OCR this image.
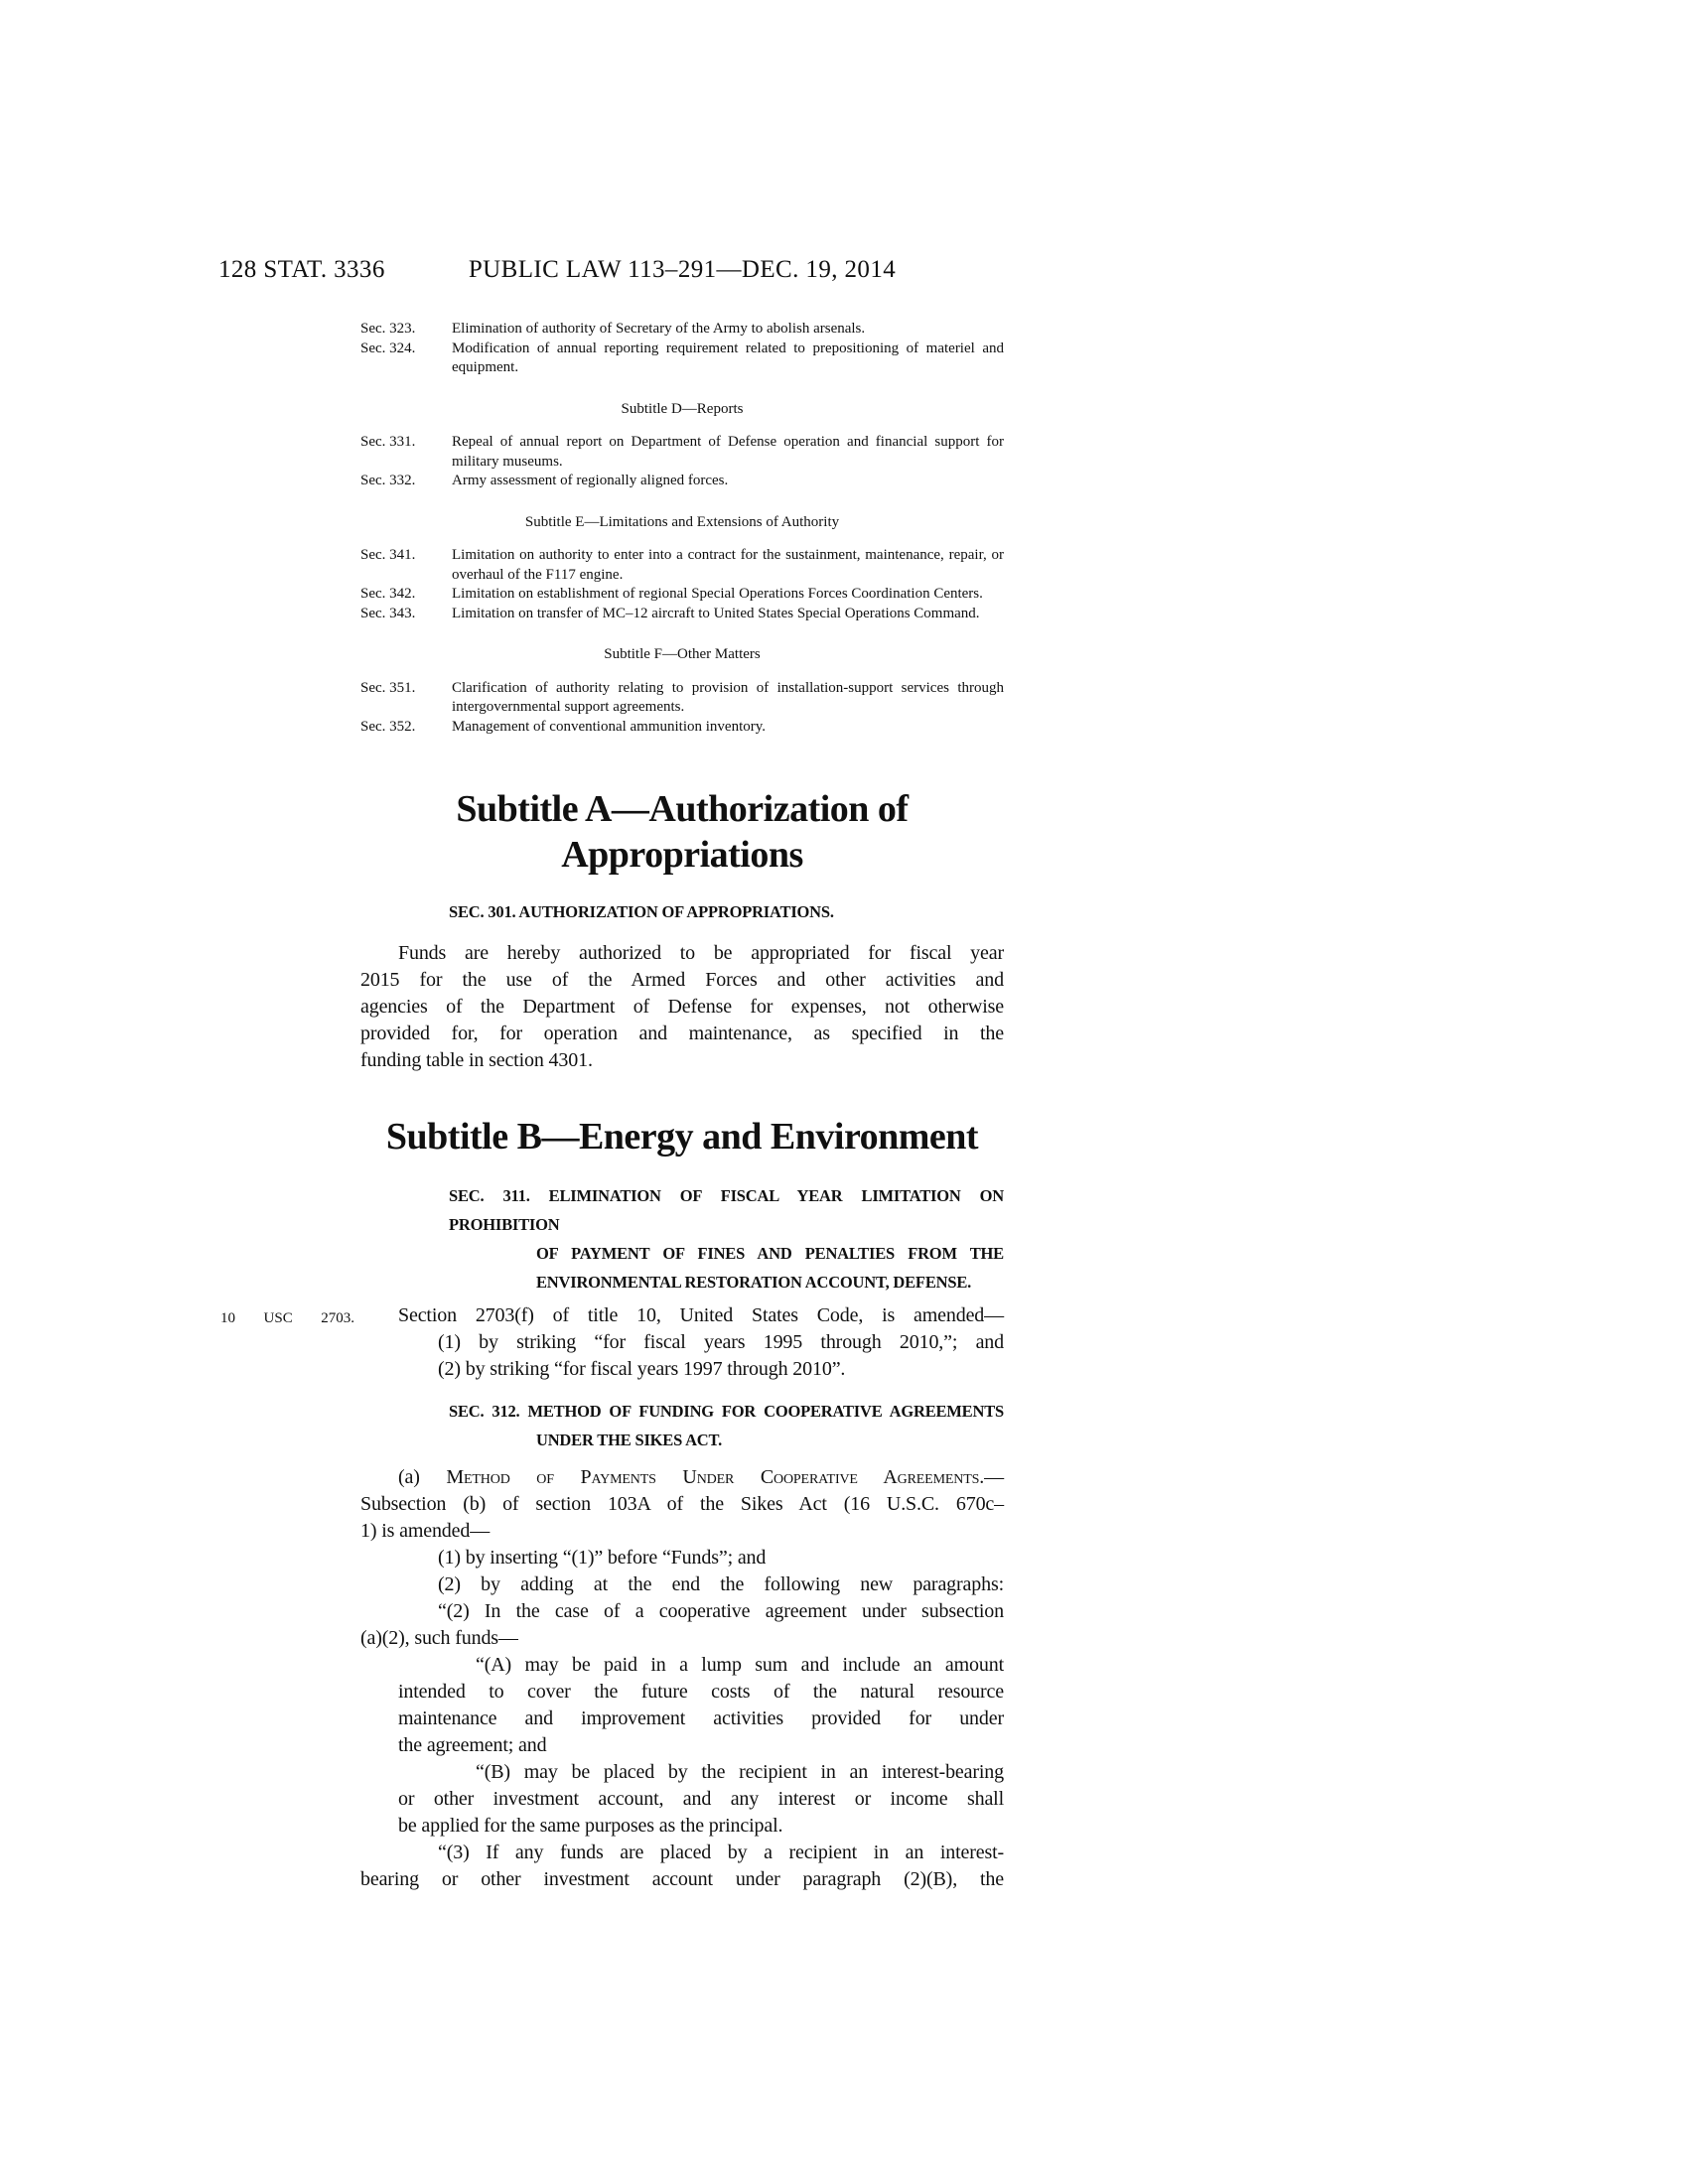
128 STAT. 3336	PUBLIC LAW 113–291—DEC. 19, 2014
Sec. 323. Elimination of authority of Secretary of the Army to abolish arsenals.
Sec. 324. Modification of annual reporting requirement related to prepositioning of materiel and equipment.
Subtitle D—Reports
Sec. 331. Repeal of annual report on Department of Defense operation and financial support for military museums.
Sec. 332. Army assessment of regionally aligned forces.
Subtitle E—Limitations and Extensions of Authority
Sec. 341. Limitation on authority to enter into a contract for the sustainment, maintenance, repair, or overhaul of the F117 engine.
Sec. 342. Limitation on establishment of regional Special Operations Forces Coordination Centers.
Sec. 343. Limitation on transfer of MC–12 aircraft to United States Special Operations Command.
Subtitle F—Other Matters
Sec. 351. Clarification of authority relating to provision of installation-support services through intergovernmental support agreements.
Sec. 352. Management of conventional ammunition inventory.
Subtitle A—Authorization of
Appropriations
SEC. 301. AUTHORIZATION OF APPROPRIATIONS.
Funds are hereby authorized to be appropriated for fiscal year
2015 for the use of the Armed Forces and other activities and
agencies of the Department of Defense for expenses, not otherwise
provided for, for operation and maintenance, as specified in the
funding table in section 4301.
Subtitle B—Energy and Environment
SEC. 311. ELIMINATION OF FISCAL YEAR LIMITATION ON PROHIBITION
OF PAYMENT OF FINES AND PENALTIES FROM THE
ENVIRONMENTAL RESTORATION ACCOUNT, DEFENSE.
10 USC 2703. Section 2703(f) of title 10, United States Code, is amended—
(1) by striking “for fiscal years 1995 through 2010,”; and
(2) by striking “for fiscal years 1997 through 2010”.
SEC. 312. METHOD OF FUNDING FOR COOPERATIVE AGREEMENTS
UNDER THE SIKES ACT.
(a) Method of Payments Under Cooperative Agreements.—
Subsection (b) of section 103A of the Sikes Act (16 U.S.C. 670c–
1) is amended—
(1) by inserting “(1)” before “Funds”; and
(2) by adding at the end the following new paragraphs:
“(2) In the case of a cooperative agreement under subsection
(a)(2), such funds—
“(A) may be paid in a lump sum and include an amount
intended to cover the future costs of the natural resource
maintenance and improvement activities provided for under
the agreement; and
“(B) may be placed by the recipient in an interest-bearing
or other investment account, and any interest or income shall
be applied for the same purposes as the principal.
“(3) If any funds are placed by a recipient in an interest-
bearing or other investment account under paragraph (2)(B), the
